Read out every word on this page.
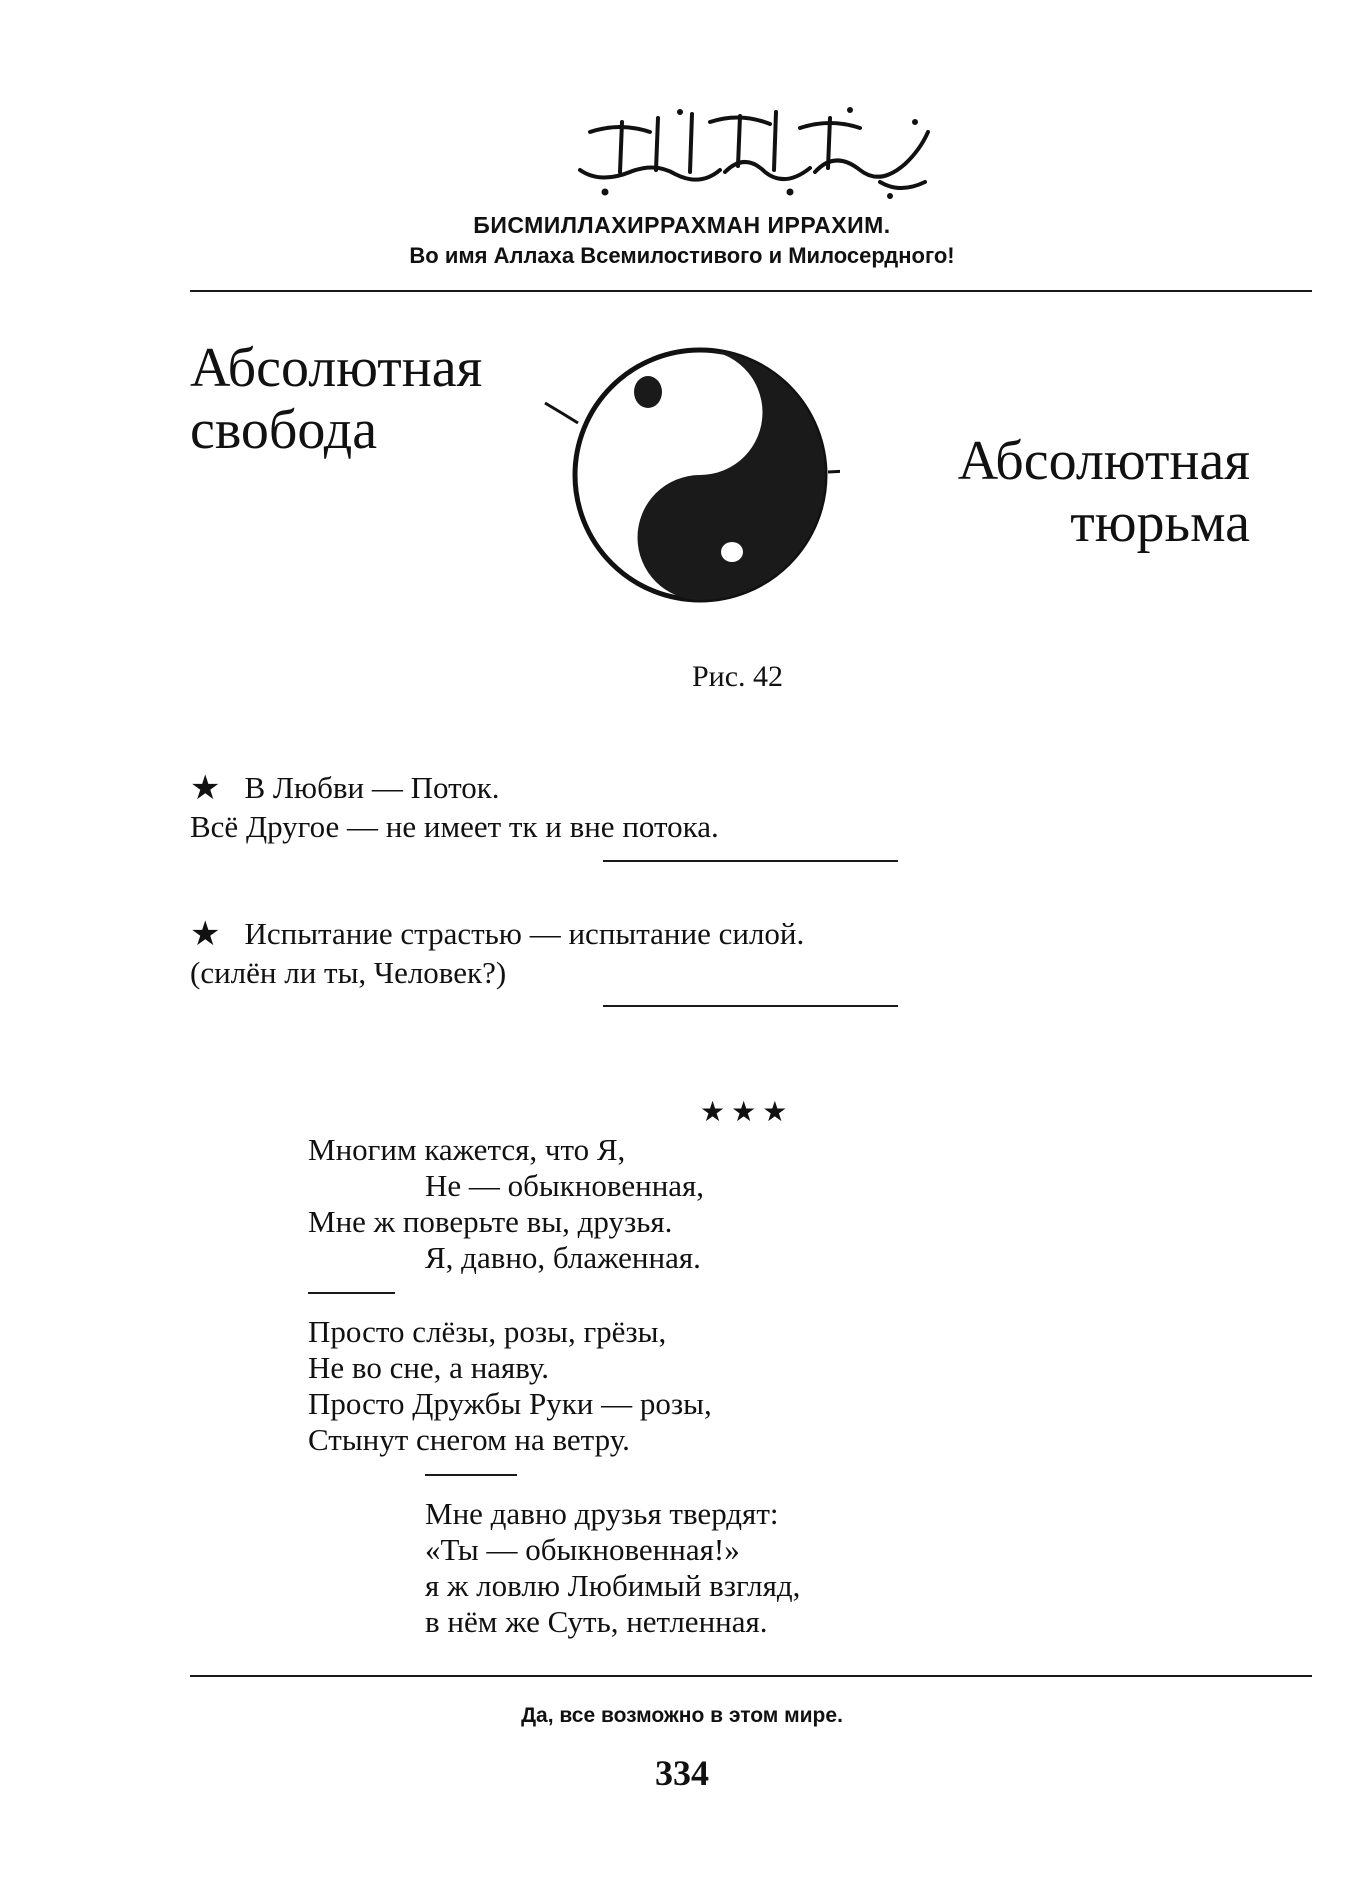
БИСМИЛЛАХИРРАХМАН ИРРАХИМ.
Во имя Аллаха Всемилостивого и Милосердного!
Абсолютная
свобода	Абсолютная
тюрьма
Рис. 42
★ В Любви — Поток.
Всё Другое — не имеет тк и вне потока.
★ Испытание страстью — испытание силой.
(силён ли ты, Человек?)
★★★
Многим кажется, что Я,
Не — обыкновенная,
Мне ж поверьте вы, друзья.
Я, давно, блаженная.
Просто слёзы, розы, грёзы,
Не во сне, а наяву.
Просто Дружбы Руки — розы,
Стынут снегом на ветру.
Мне давно друзья твердят:
«Ты — обыкновенная!»
я ж ловлю Любимый взгляд,
в нём же Суть, нетленная.
Да, все возможно в этом мире.
334
